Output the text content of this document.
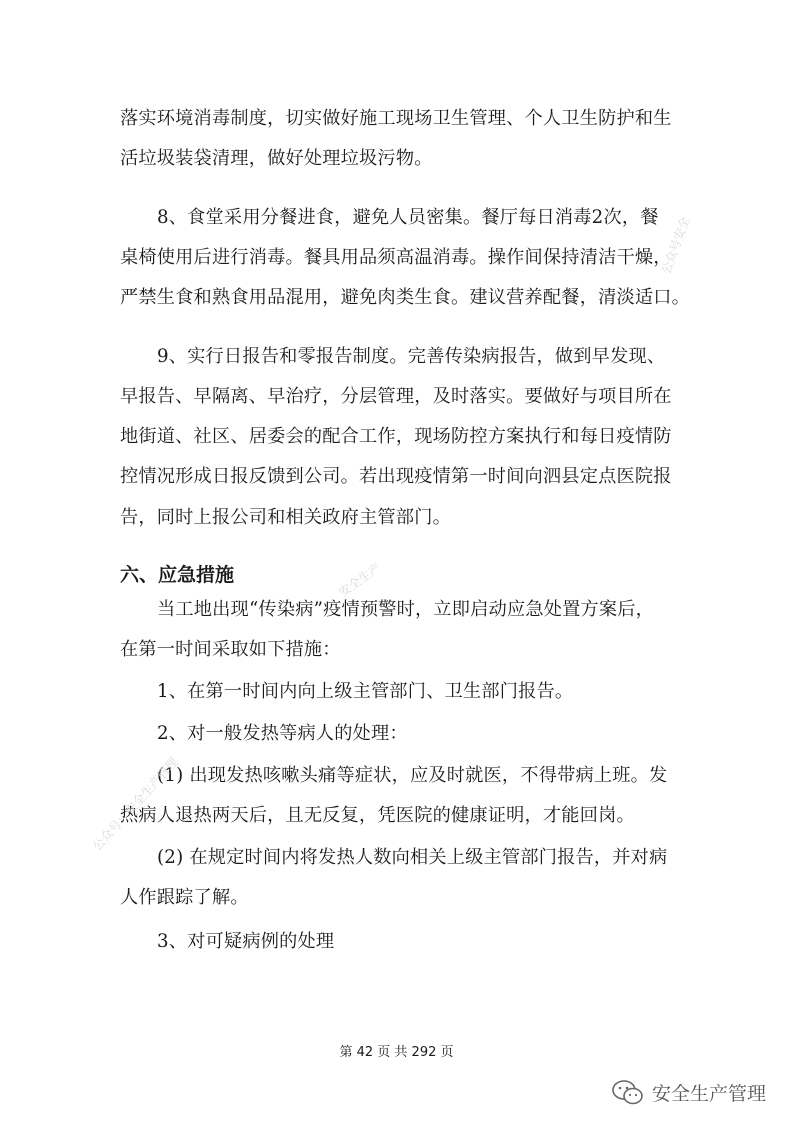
落实环境消毒制度，切实做好施工现场卫生管理、个人卫生防护和生

活垃圾装袋清理，做好处理垃圾污物。

8、食堂采用分餐进食，避免人员密集。餐厅每日消毒2次，餐

桌椅使用后进行消毒。餐具用品须高温消毒。操作间保持清洁干燥，

严禁生食和熟食用品混用，避免肉类生食。建议营养配餐，清淡适口。

9、实行日报告和零报告制度。完善传染病报告，做到早发现、

早报告、早隔离、早治疗，分层管理，及时落实。要做好与项目所在

地街道、社区、居委会的配合工作，现场防控方案执行和每日疫情防

控情况形成日报反馈到公司。若出现疫情第一时间向泗县定点医院报

告，同时上报公司和相关政府主管部门。

六、应急措施

当工地出现“传染病”疫情预警时，立即启动应急处置方案后，

在第一时间采取如下措施：

1、在第一时间内向上级主管部门、卫生部门报告。

2、对一般发热等病人的处理：

(1) 出现发热咳嗽头痛等症状，应及时就医，不得带病上班。发

热病人退热两天后，且无反复，凭医院的健康证明，才能回岗。

(2) 在规定时间内将发热人数向相关上级主管部门报告，并对病

人作跟踪了解。

3、对可疑病例的处理

公众号：安全生产管理
安全生产
公众号安全
第 42 页 共 292 页
安全生产管理
